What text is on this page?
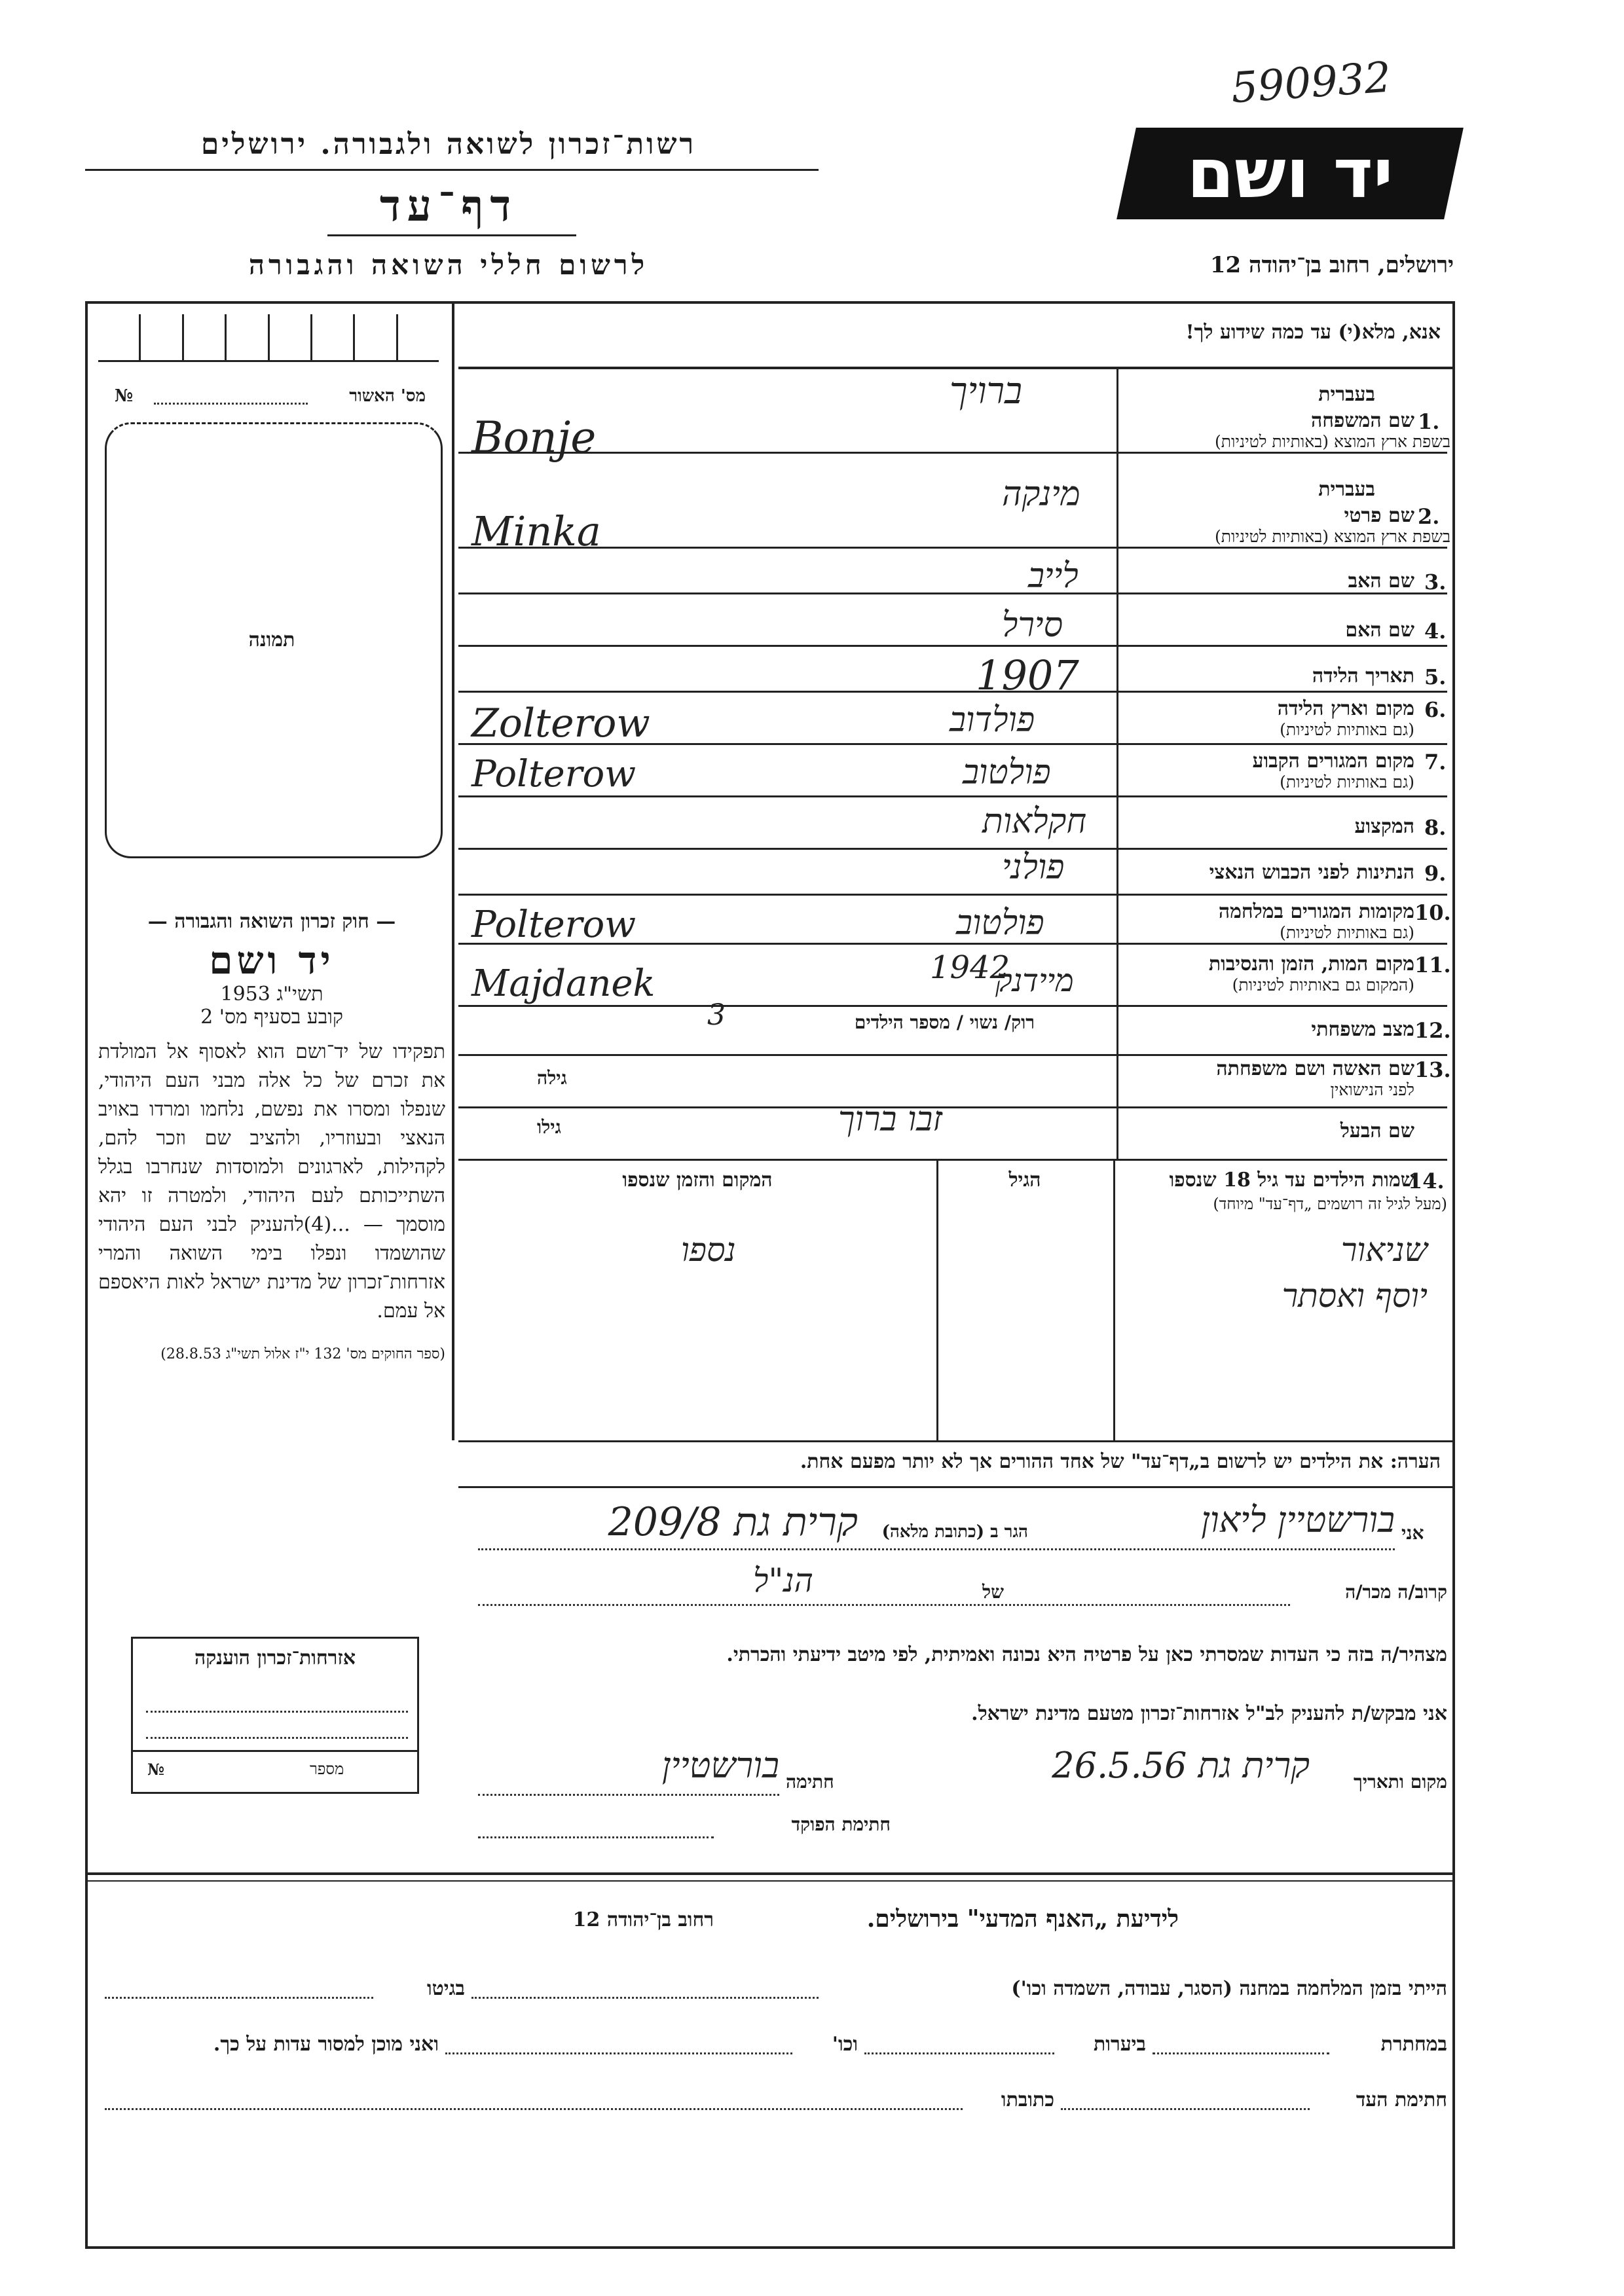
590932
יד ושם
רשות־זכרון לשואה ולגבורה. ירושלים
דף־עד
לרשום חללי השואה והגבורה	ירושלים, רחוב בן־יהודה 12
אנא, מלא(י) עד כמה שידוע לך!
מס' האשור
№
תמונה
— חוק זכרון השואה והגבורה —
יד ושם
תשי"ג 1953
קובע בסעיף מס' 2
תפקידו של יד־ושם הוא לאסוף אל המולדת את זכרם של כל אלה מבני העם היהודי, שנפלו ומסרו את נפשם, נלחמו ומרדו באויב הנאצי ובעוזריו, ולהציב שם וזכר להם, לקהילות, לארגונים ולמוסדות שנחרבו בגלל השתייכותם לעם היהודי, ולמטרה זו יהא מוסמך — ...(4)להעניק לבני העם היהודי שהושמדו ונפלו בימי השואה והמרי אזרחות־זכרון של מדינת ישראל לאות היאספם אל עמם.
(ספר החוקים מס' 132 י"ז אלול תשי"ג 28.8.53)
אזרחות־זכרון הוענקה
מספר
№
1.
בעברית
שם המשפחה
בשפת ארץ המוצא (באותיות לטיניות)
ברויך
Bonje
2.
בעברית
שם פרטי
בשפת ארץ המוצא (באותיות לטיניות)
מינקה
Minka
3.
שם האב
לייב
4.
שם האם
סירל
5.
תאריך הלידה
1907
6.
מקום וארץ הלידה
(גם באותיות לטיניות)
פולדוב
Zolterow
7.
מקום המגורים הקבוע
(גם באותיות לטיניות)
פולטוב
Polterow
8.
המקצוע
חקלאות
9.
הנתינות לפני הכבוש הנאצי
פולני
10.
מקומות המגורים במלחמה
(גם באותיות לטיניות)
פולטוב
Polterow
11.
מקום המות, הזמן והנסיבות
(המקום גם באותיות לטיניות)
מיידנק
1942
Majdanek
12.
מצב משפחתי
רוק/ נשוי / מספר הילדים
3
13.
שם האשה ושם משפחתה
לפני הנישואין
גילה
שם הבעל
זבו ברוך
גילו
14.
שמות הילדים עד גיל 18 שנספו
(מעל לגיל זה רושמים „דף־עד" מיוחד)
הגיל
המקום והזמן שנספו
שניאור
נספו
יוסף ואסתר
הערה: את הילדים יש לרשום ב„דף־עד" של אחד ההורים אך לא יותר מפעם אחת.
אני
בורשטיין ליאון
הגר ב (כתובת מלאה)
קרית גת 209/8
קרוב/ה מכר/ה
של
הנ"ל
מצהיר/ה בזה כי העדות שמסרתי כאן על פרטיה היא נכונה ואמיתית, לפי מיטב ידיעתי והכרתי.
אני מבקש/ת להעניק לב"ל אזרחות־זכרון מטעם מדינת ישראל.
מקום ותאריך
קרית גת 26.5.56
חתימה
בורשטיין
חתימת הפוקד
לידיעת „האנף המדעי" בירושלים.
רחוב בן־יהודה 12
הייתי בזמן המלחמה במחנה (הסגר, עבודה, השמדה וכו')
בגיטו
במחתרת
ביערות
וכו'
ואני מוכן למסור עדות על כך.
חתימת העד
כתובתו
